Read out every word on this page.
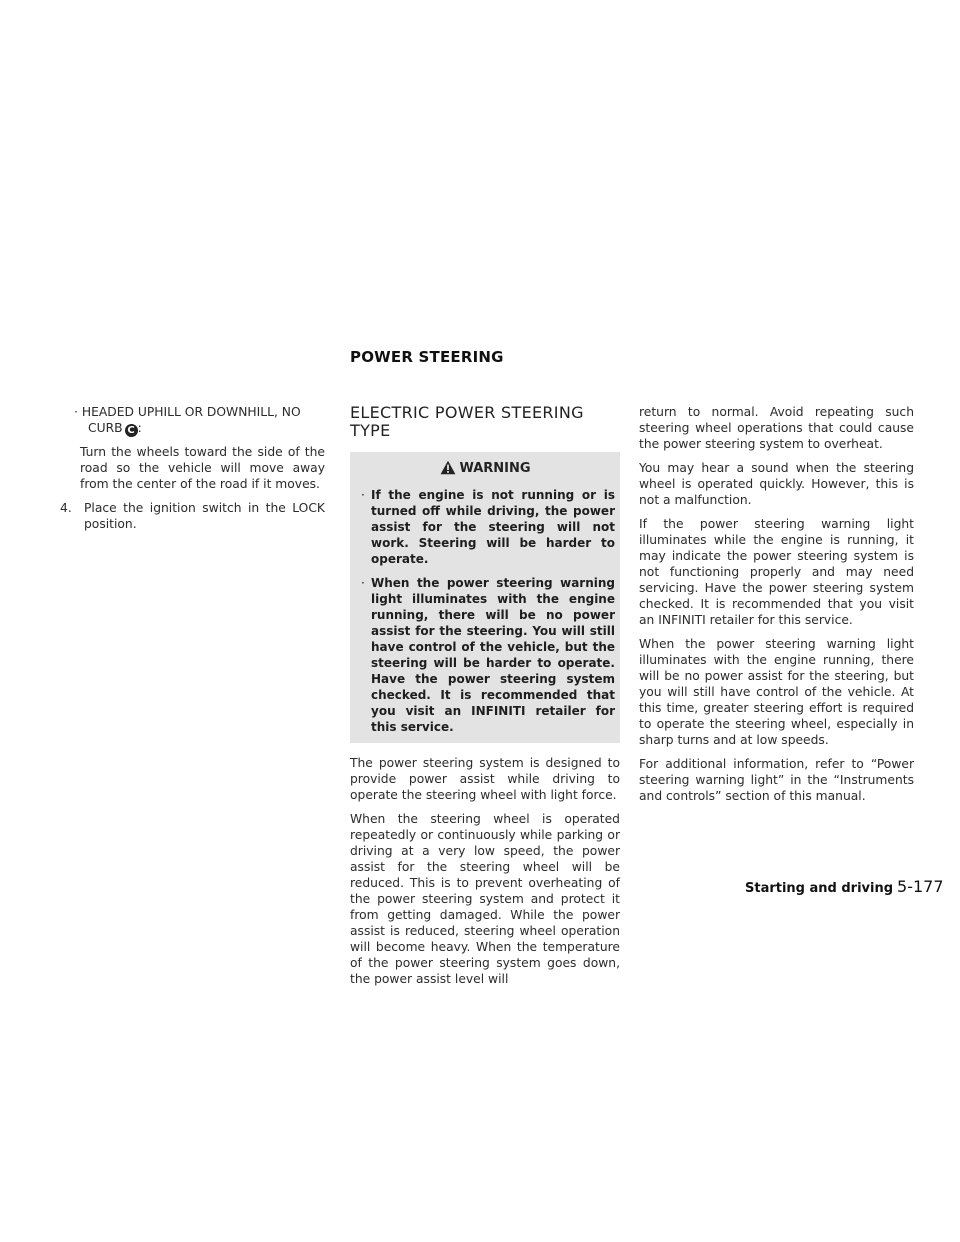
POWER STEERING

· HEADED UPHILL OR DOWNHILL, NO CURB C :

Turn the wheels toward the side of the road so the vehicle will move away from the center of the road if it moves.

4. Place the ignition switch in the LOCK position.

ELECTRIC POWER STEERING TYPE
WARNING

· If the engine is not running or is turned off while driving, the power assist for the steering will not work. Steering will be harder to operate.

· When the power steering warning light illuminates with the engine running, there will be no power assist for the steering. You will still have control of the vehicle, but the steering will be harder to operate. Have the power steering system checked. It is recommended that you visit an INFINITI retailer for this service.

The power steering system is designed to provide power assist while driving to operate the steering wheel with light force.

When the steering wheel is operated repeatedly or continuously while parking or driving at a very low speed, the power assist for the steering wheel will be reduced. This is to prevent overheating of the power steering system and protect it from getting damaged. While the power assist is reduced, steering wheel operation will become heavy. When the temperature of the power steering system goes down, the power assist level will

return to normal. Avoid repeating such steering wheel operations that could cause the power steering system to overheat.

You may hear a sound when the steering wheel is operated quickly. However, this is not a malfunction.

If the power steering warning light illuminates while the engine is running, it may indicate the power steering system is not functioning properly and may need servicing. Have the power steering system checked. It is recommended that you visit an INFINITI retailer for this service.

When the power steering warning light illuminates with the engine running, there will be no power assist for the steering, but you will still have control of the vehicle. At this time, greater steering effort is required to operate the steering wheel, especially in sharp turns and at low speeds.

For additional information, refer to “Power steering warning light” in the “Instruments and controls” section of this manual.

Starting and driving 5-177
